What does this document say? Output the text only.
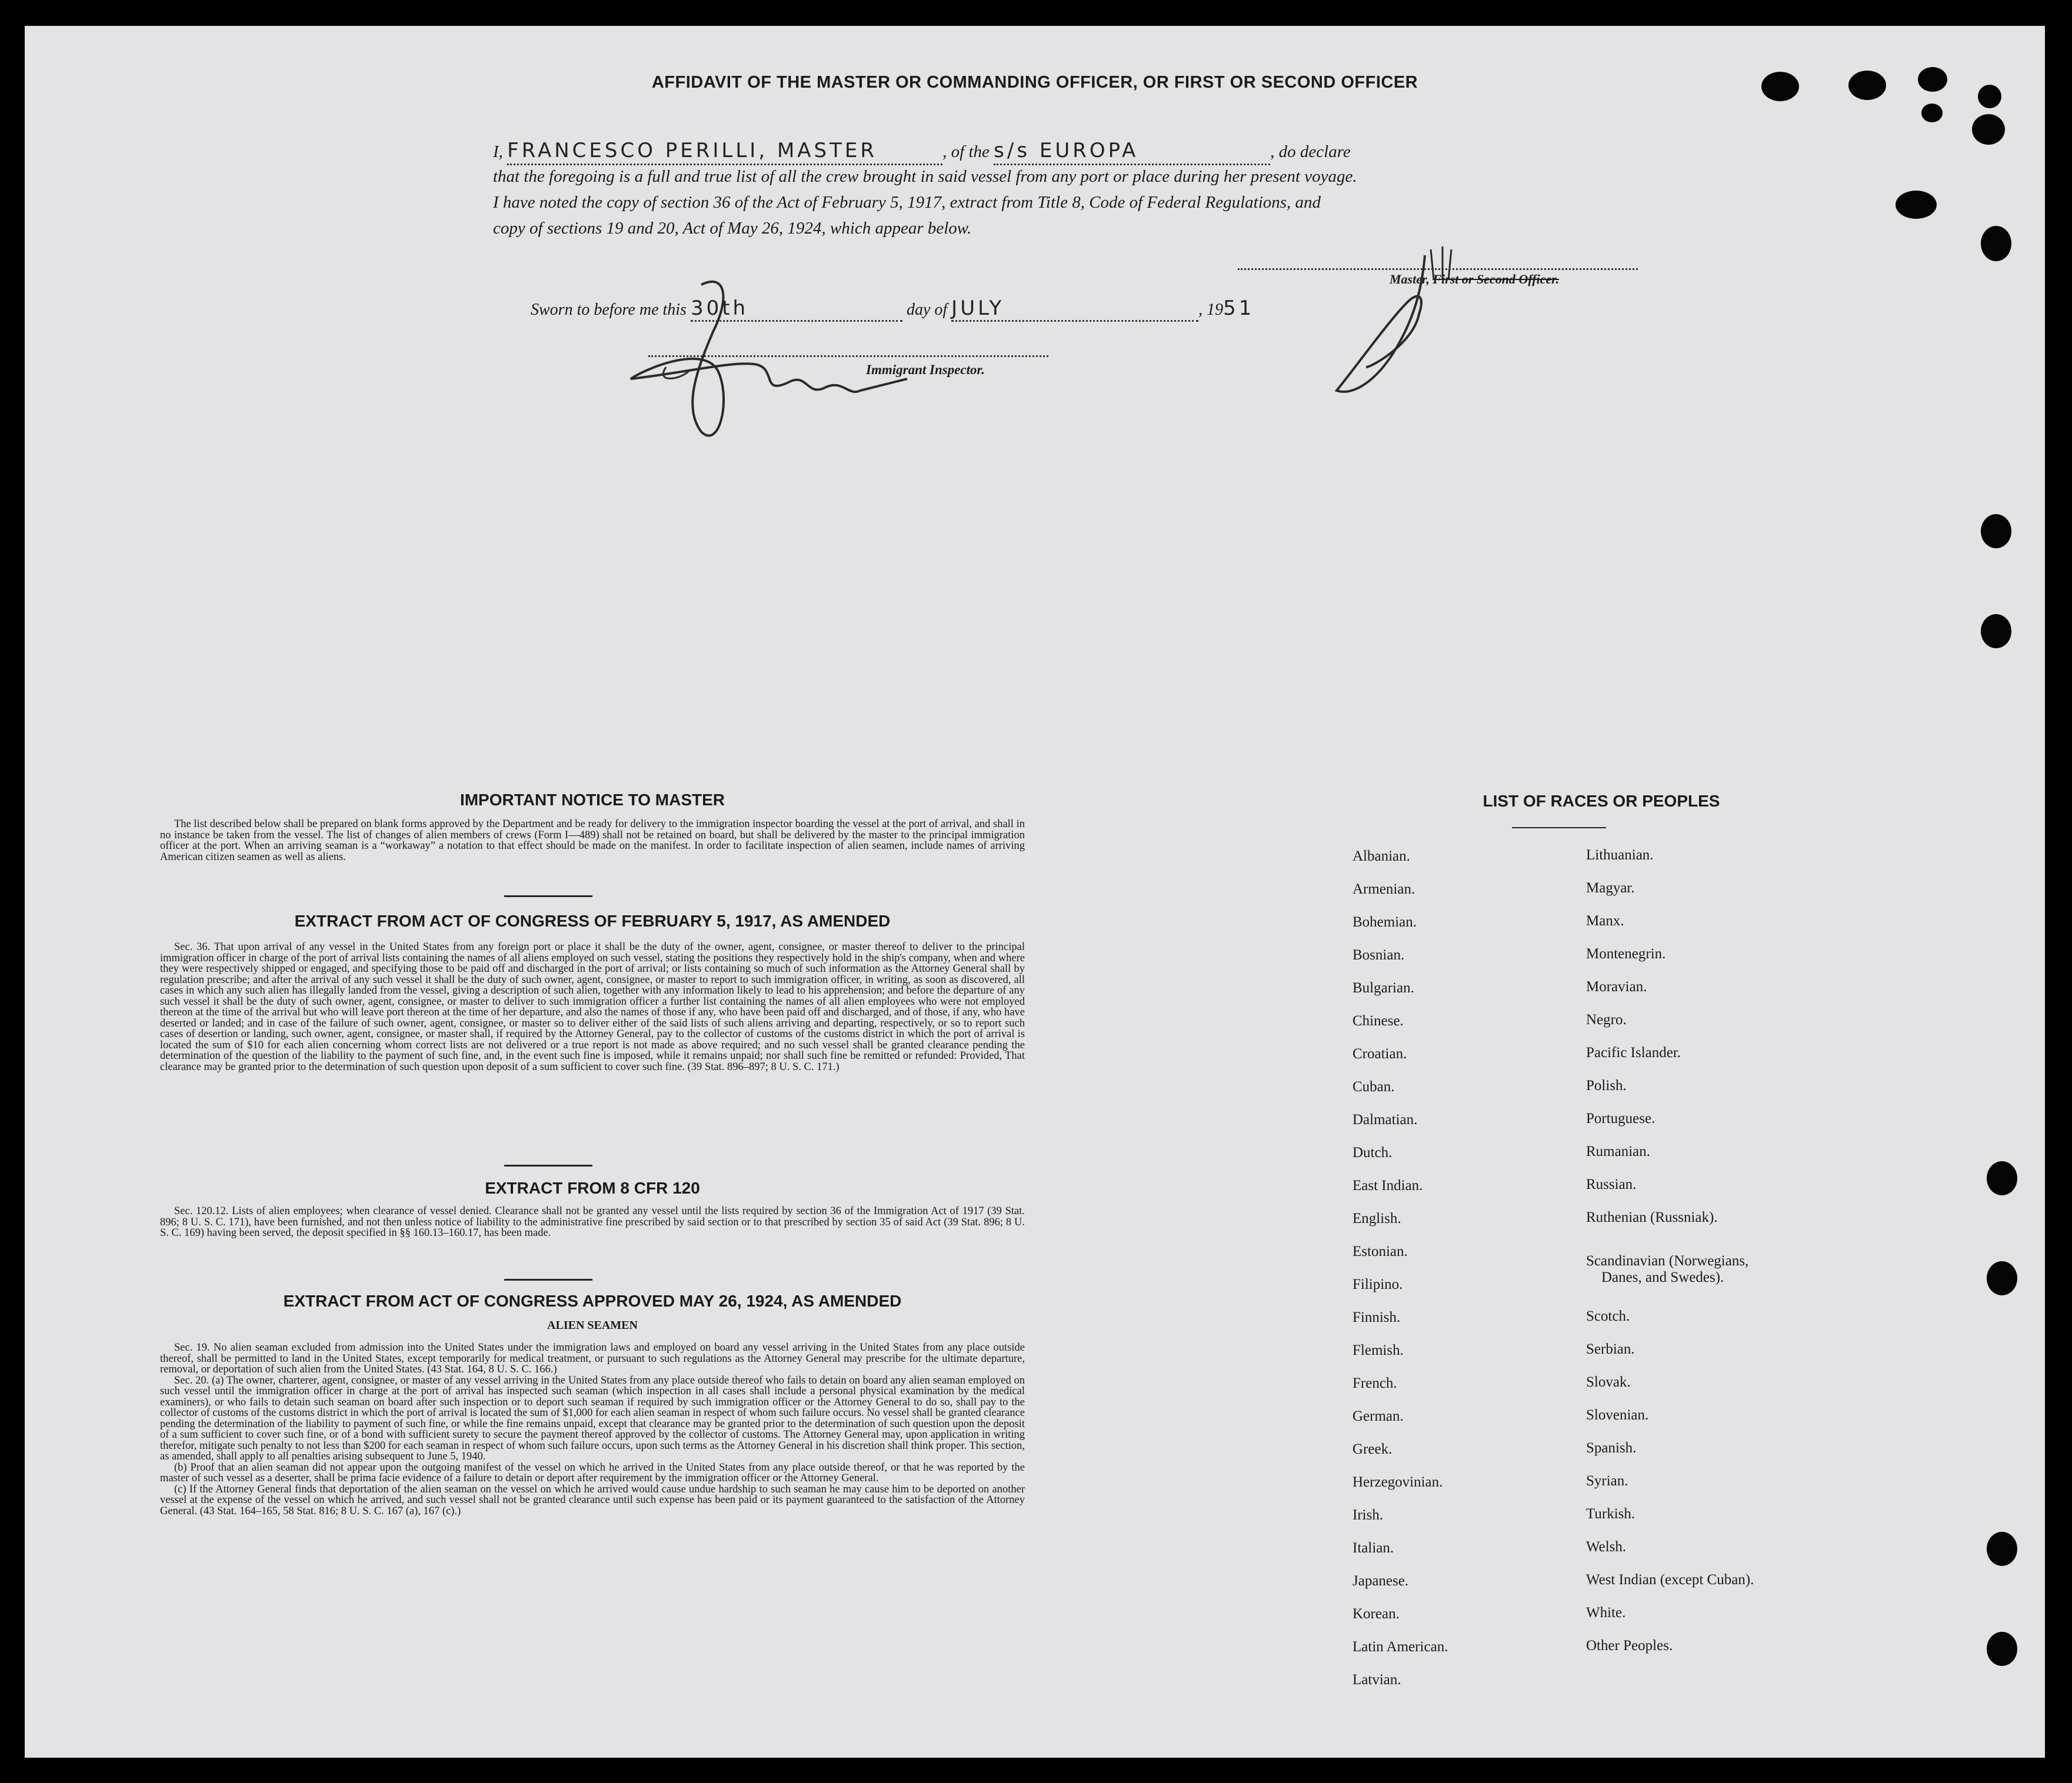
AFFIDAVIT OF THE MASTER OR COMMANDING OFFICER, OR FIRST OR SECOND OFFICER
I, FRANCESCO PERILLI, MASTER	, of the s/s EUROPA	, do declare
that the foregoing is a full and true list of all the crew brought in said vessel from any port or place during her present voyage.
I have noted the copy of section 36 of the Act of February 5, 1917, extract from Title 8, Code of Federal Regulations, and
copy of sections 19 and 20, Act of May 26, 1924, which appear below.
Master, First or Second Officer.
Sworn to before me this 30th	day of JULY	, 1951
Immigrant Inspector.
IMPORTANT NOTICE TO MASTER

The list described below shall be prepared on blank forms approved by the Department and be ready for delivery to the immigration inspector boarding the vessel at the port of arrival, and shall in no instance be taken from the vessel. The list of changes of alien members of crews (Form I—489) shall not be retained on board, but shall be delivered by the master to the principal immigration officer at the port. When an arriving seaman is a “workaway” a notation to that effect should be made on the manifest. In order to facilitate inspection of alien seamen, include names of arriving American citizen seamen as well as aliens.

EXTRACT FROM ACT OF CONGRESS OF FEBRUARY 5, 1917, AS AMENDED

Sec. 36. That upon arrival of any vessel in the United States from any foreign port or place it shall be the duty of the owner, agent, consignee, or master thereof to deliver to the principal immigration officer in charge of the port of arrival lists containing the names of all aliens employed on such vessel, stating the positions they respectively hold in the ship's company, when and where they were respectively shipped or engaged, and specifying those to be paid off and discharged in the port of arrival; or lists containing so much of such information as the Attorney General shall by regulation prescribe; and after the arrival of any such vessel it shall be the duty of such owner, agent, consignee, or master to report to such immigration officer, in writing, as soon as discovered, all cases in which any such alien has illegally landed from the vessel, giving a description of such alien, together with any information likely to lead to his apprehension; and before the departure of any such vessel it shall be the duty of such owner, agent, consignee, or master to deliver to such immigration officer a further list containing the names of all alien employees who were not employed thereon at the time of the arrival but who will leave port thereon at the time of her departure, and also the names of those if any, who have been paid off and discharged, and of those, if any, who have deserted or landed; and in case of the failure of such owner, agent, consignee, or master so to deliver either of the said lists of such aliens arriving and departing, respectively, or so to report such cases of desertion or landing, such owner, agent, consignee, or master shall, if required by the Attorney General, pay to the collector of customs of the customs district in which the port of arrival is located the sum of $10 for each alien concerning whom correct lists are not delivered or a true report is not made as above required; and no such vessel shall be granted clearance pending the determination of the question of the liability to the payment of such fine, and, in the event such fine is imposed, while it remains unpaid; nor shall such fine be remitted or refunded: Provided, That clearance may be granted prior to the determination of such question upon deposit of a sum sufficient to cover such fine. (39 Stat. 896–897; 8 U. S. C. 171.)

EXTRACT FROM 8 CFR 120

Sec. 120.12. Lists of alien employees; when clearance of vessel denied. Clearance shall not be granted any vessel until the lists required by section 36 of the Immigration Act of 1917 (39 Stat. 896; 8 U. S. C. 171), have been furnished, and not then unless notice of liability to the administrative fine prescribed by said section or to that prescribed by section 35 of said Act (39 Stat. 896; 8 U. S. C. 169) having been served, the deposit specified in §§ 160.13–160.17, has been made.

EXTRACT FROM ACT OF CONGRESS APPROVED MAY 26, 1924, AS AMENDED
ALIEN SEAMEN

Sec. 19. No alien seaman excluded from admission into the United States under the immigration laws and employed on board any vessel arriving in the United States from any place outside thereof, shall be permitted to land in the United States, except temporarily for medical treatment, or pursuant to such regulations as the Attorney General may prescribe for the ultimate departure, removal, or deportation of such alien from the United States. (43 Stat. 164, 8 U. S. C. 166.)

Sec. 20. (a) The owner, charterer, agent, consignee, or master of any vessel arriving in the United States from any place outside thereof who fails to detain on board any alien seaman employed on such vessel until the immigration officer in charge at the port of arrival has inspected such seaman (which inspection in all cases shall include a personal physical examination by the medical examiners), or who fails to detain such seaman on board after such inspection or to deport such seaman if required by such immigration officer or the Attorney General to do so, shall pay to the collector of customs of the customs district in which the port of arrival is located the sum of $1,000 for each alien seaman in respect of whom such failure occurs. No vessel shall be granted clearance pending the determination of the liability to payment of such fine, or while the fine remains unpaid, except that clearance may be granted prior to the determination of such question upon the deposit of a sum sufficient to cover such fine, or of a bond with sufficient surety to secure the payment thereof approved by the collector of customs. The Attorney General may, upon application in writing therefor, mitigate such penalty to not less than $200 for each seaman in respect of whom such failure occurs, upon such terms as the Attorney General in his discretion shall think proper. This section, as amended, shall apply to all penalties arising subsequent to June 5, 1940.

(b) Proof that an alien seaman did not appear upon the outgoing manifest of the vessel on which he arrived in the United States from any place outside thereof, or that he was reported by the master of such vessel as a deserter, shall be prima facie evidence of a failure to detain or deport after requirement by the immigration officer or the Attorney General.

(c) If the Attorney General finds that deportation of the alien seaman on the vessel on which he arrived would cause undue hardship to such seaman he may cause him to be deported on another vessel at the expense of the vessel on which he arrived, and such vessel shall not be granted clearance until such expense has been paid or its payment guaranteed to the satisfaction of the Attorney General. (43 Stat. 164–165, 58 Stat. 816; 8 U. S. C. 167 (a), 167 (c).)

LIST OF RACES OR PEOPLES
Albanian.
Armenian.
Bohemian.
Bosnian.
Bulgarian.
Chinese.
Croatian.
Cuban.
Dalmatian.
Dutch.
East Indian.
English.
Estonian.
Filipino.
Finnish.
Flemish.
French.
German.
Greek.
Herzegovinian.
Irish.
Italian.
Japanese.
Korean.
Latin American.
Latvian.
Lithuanian.
Magyar.
Manx.
Montenegrin.
Moravian.
Negro.
Pacific Islander.
Polish.
Portuguese.
Rumanian.
Russian.
Ruthenian (Russniak).
Scandinavian (Norwegians,
Danes, and Swedes).
Scotch.
Serbian.
Slovak.
Slovenian.
Spanish.
Syrian.
Turkish.
Welsh.
West Indian (except Cuban).
White.
Other Peoples.
